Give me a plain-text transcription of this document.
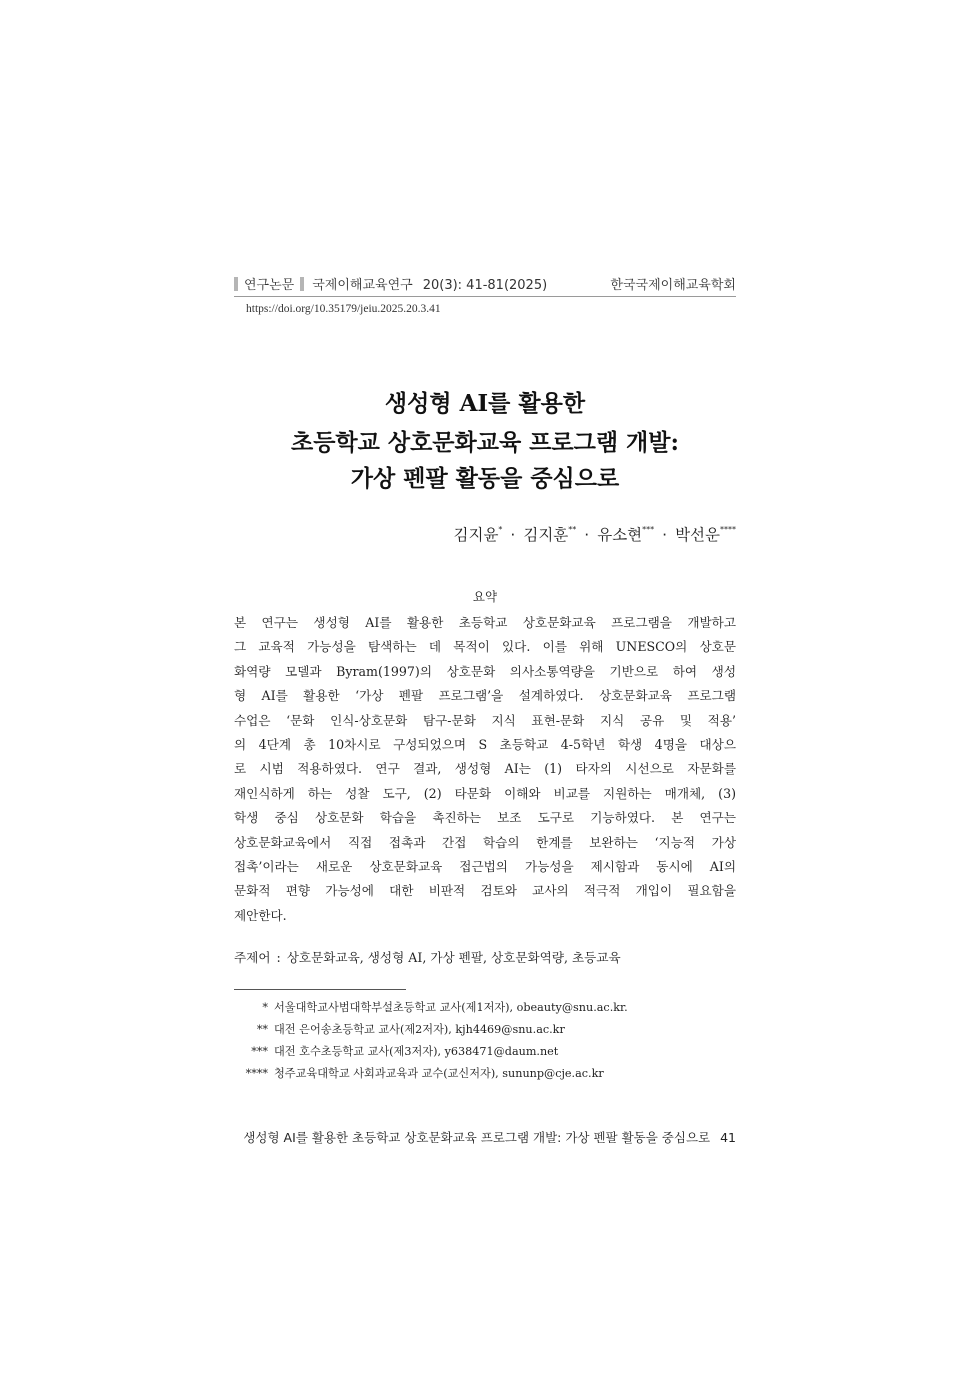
연구논문 국제이해교육연구 20(3): 41-81(2025)	한국국제이해교육학회
https://doi.org/10.35179/jeiu.2025.20.3.41
생성형 AI를 활용한
초등학교 상호문화교육 프로그램 개발:
가상 펜팔 활동을 중심으로
김지윤* · 김지훈** · 유소현*** · 박선운****
요약
본 연구는 생성형 AI를 활용한 초등학교 상호문화교육 프로그램을 개발하고
그 교육적 가능성을 탐색하는 데 목적이 있다. 이를 위해 UNESCO의 상호문
화역량 모델과 Byram(1997)의 상호문화 의사소통역량을 기반으로 하여 생성
형 AI를 활용한 ‘가상 펜팔 프로그램’을 설계하였다. 상호문화교육 프로그램
수업은 ‘문화 인식-상호문화 탐구-문화 지식 표현-문화 지식 공유 및 적용’
의 4단계 총 10차시로 구성되었으며 S 초등학교 4-5학년 학생 4명을 대상으
로 시범 적용하였다. 연구 결과, 생성형 AI는 (1) 타자의 시선으로 자문화를
재인식하게 하는 성찰 도구, (2) 타문화 이해와 비교를 지원하는 매개체, (3)
학생 중심 상호문화 학습을 촉진하는 보조 도구로 기능하였다. 본 연구는
상호문화교육에서 직접 접촉과 간접 학습의 한계를 보완하는 ‘지능적 가상
접촉’이라는 새로운 상호문화교육 접근법의 가능성을 제시함과 동시에 AI의
문화적 편향 가능성에 대한 비판적 검토와 교사의 적극적 개입이 필요함을
제안한다.
주제어 : 상호문화교육, 생성형 AI, 가상 펜팔, 상호문화역량, 초등교육
* 서울대학교사범대학부설초등학교 교사(제1저자), obeauty@snu.ac.kr.
** 대전 은어송초등학교 교사(제2저자), kjh4469@snu.ac.kr
*** 대전 호수초등학교 교사(제3저자), y638471@daum.net
**** 청주교육대학교 사회과교육과 교수(교신저자), sununp@cje.ac.kr
생성형 AI를 활용한 초등학교 상호문화교육 프로그램 개발: 가상 펜팔 활동을 중심으로 41
